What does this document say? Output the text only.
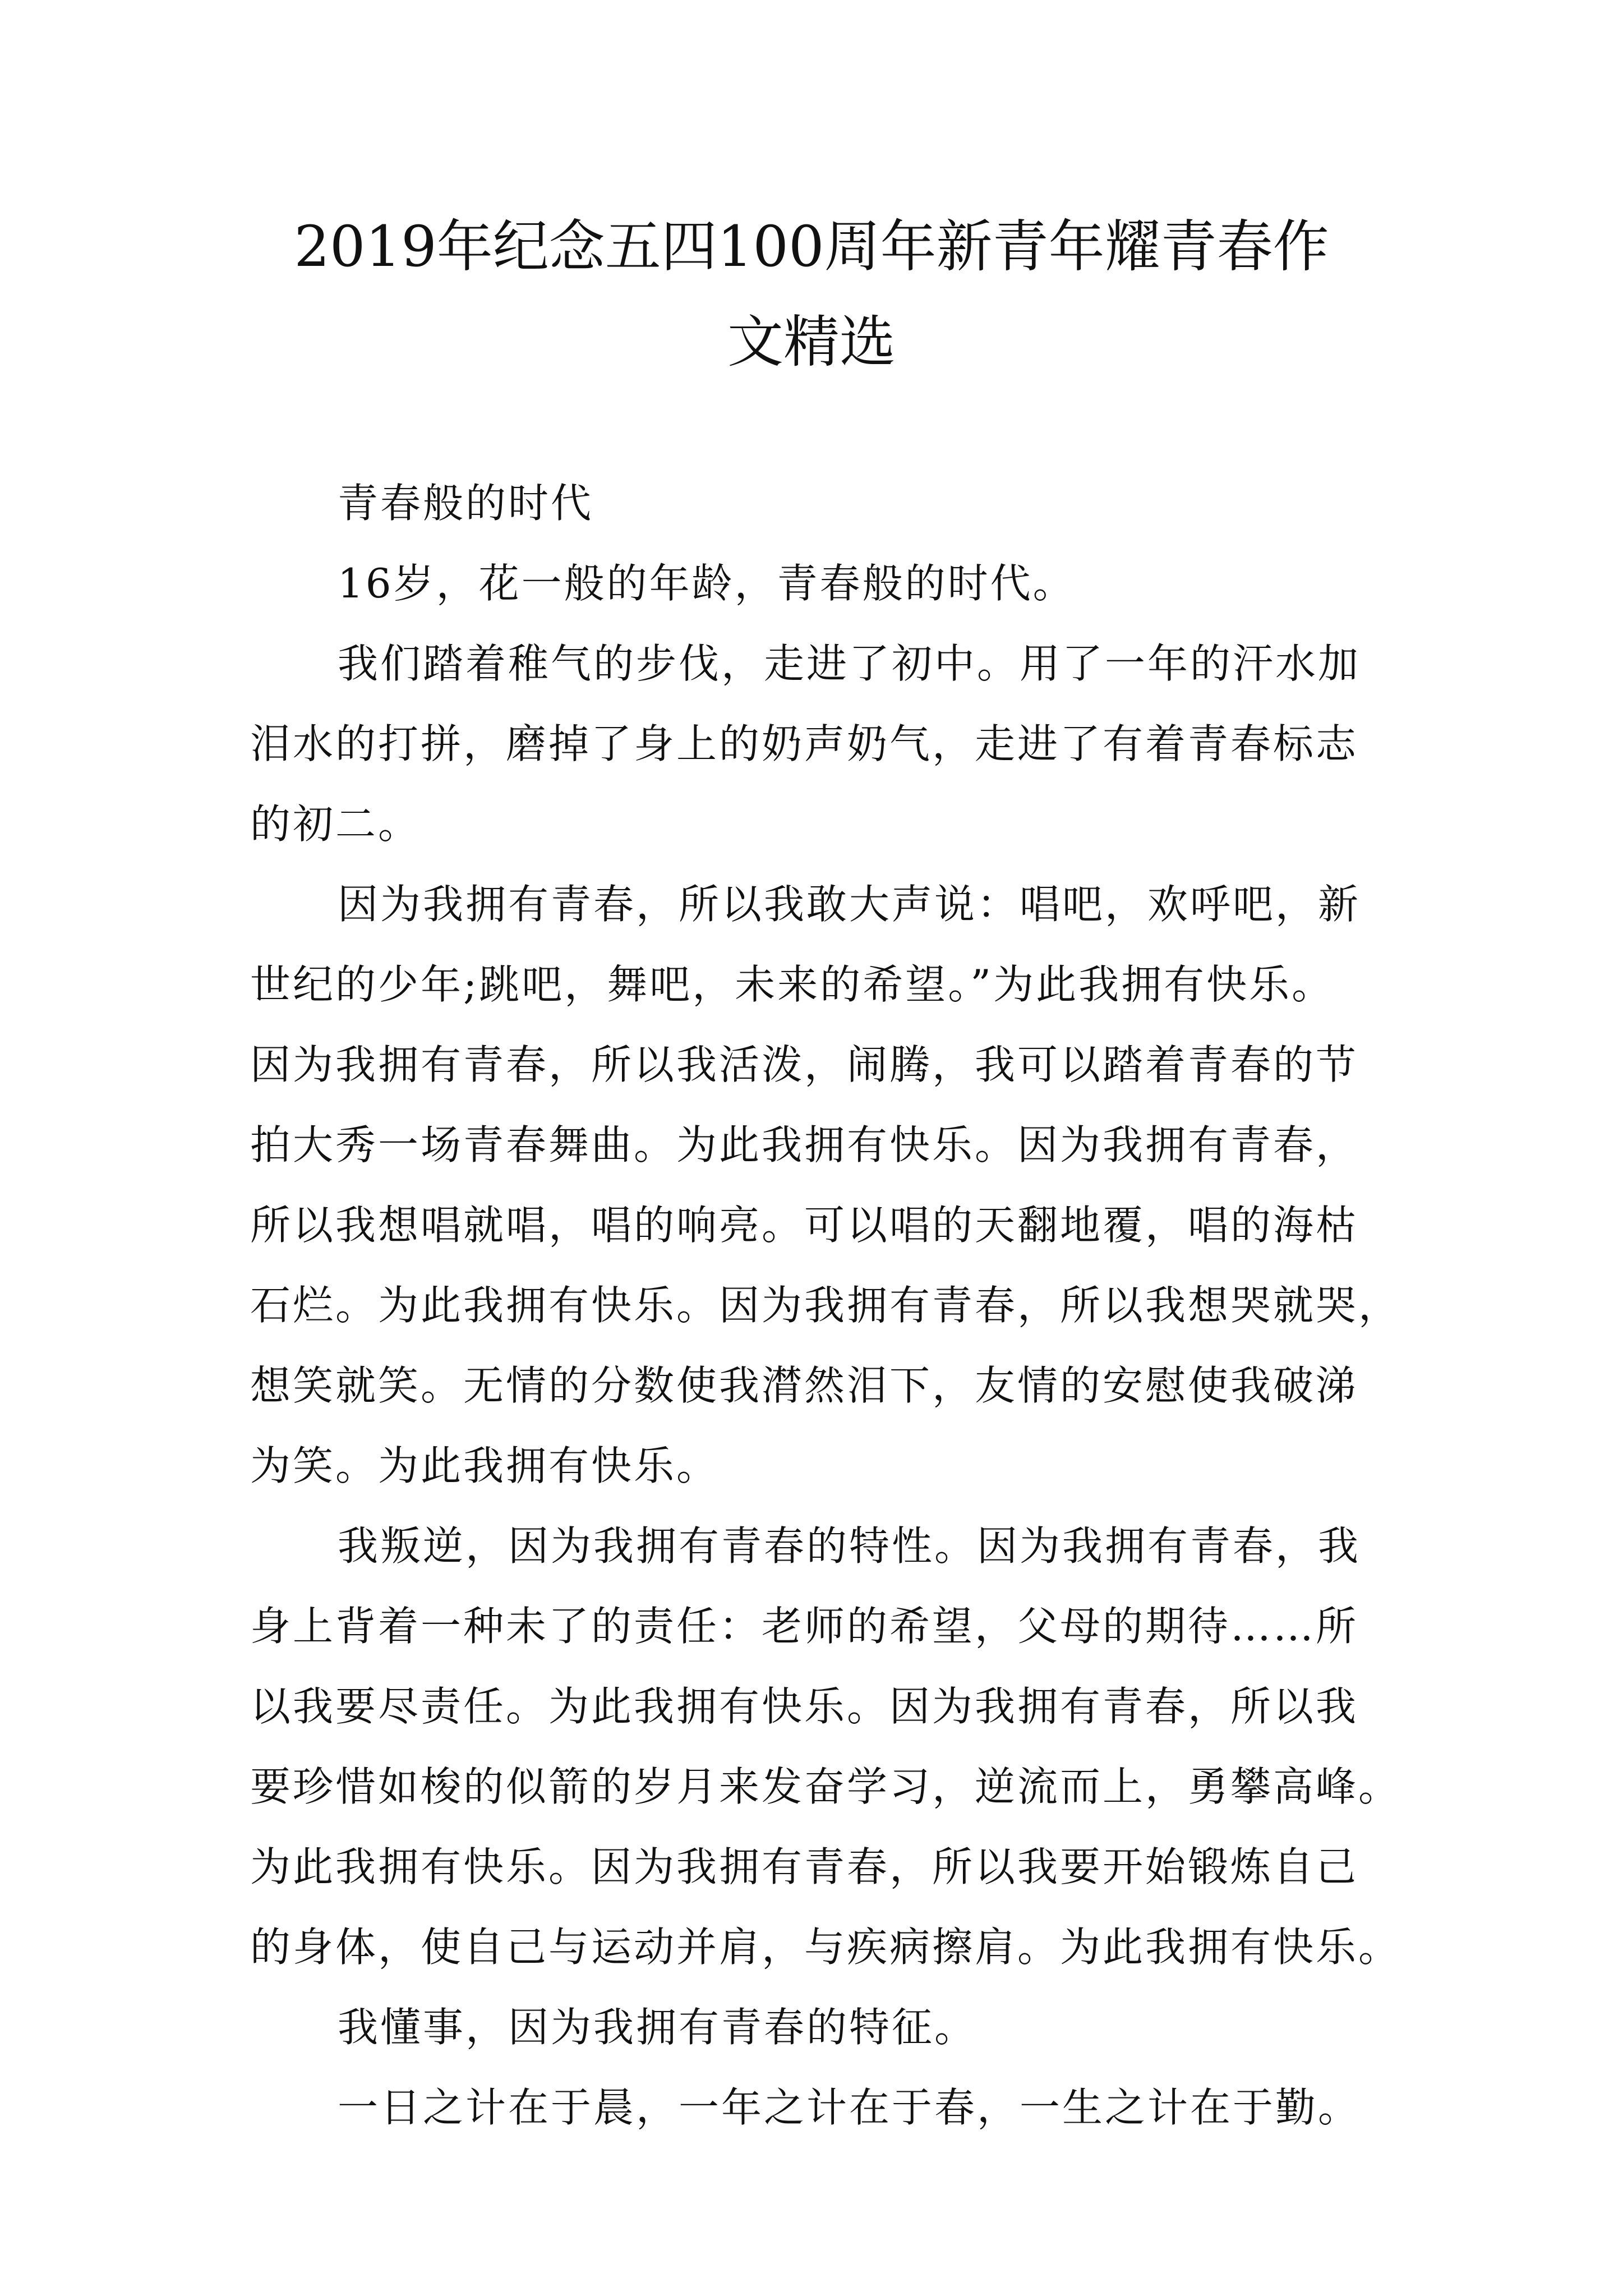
2019年纪念五四100周年新青年耀青春作
文精选

青春般的时代

16岁，花一般的年龄，青春般的时代。

我们踏着稚气的步伐，走进了初中。用了一年的汗水加
泪水的打拼，磨掉了身上的奶声奶气，走进了有着青春标志
的初二。

因为我拥有青春，所以我敢大声说：唱吧，欢呼吧，新
世纪的少年;跳吧，舞吧，未来的希望。”为此我拥有快乐。
因为我拥有青春，所以我活泼，闹腾，我可以踏着青春的节
拍大秀一场青春舞曲。为此我拥有快乐。因为我拥有青春，
所以我想唱就唱，唱的响亮。可以唱的天翻地覆，唱的海枯
石烂。为此我拥有快乐。因为我拥有青春，所以我想哭就哭，
想笑就笑。无情的分数使我潸然泪下，友情的安慰使我破涕
为笑。为此我拥有快乐。

我叛逆，因为我拥有青春的特性。因为我拥有青春，我
身上背着一种未了的责任：老师的希望，父母的期待……所
以我要尽责任。为此我拥有快乐。因为我拥有青春，所以我
要珍惜如梭的似箭的岁月来发奋学习，逆流而上，勇攀高峰。
为此我拥有快乐。因为我拥有青春，所以我要开始锻炼自己
的身体，使自己与运动并肩，与疾病擦肩。为此我拥有快乐。

我懂事，因为我拥有青春的特征。

一日之计在于晨，一年之计在于春，一生之计在于勤。
